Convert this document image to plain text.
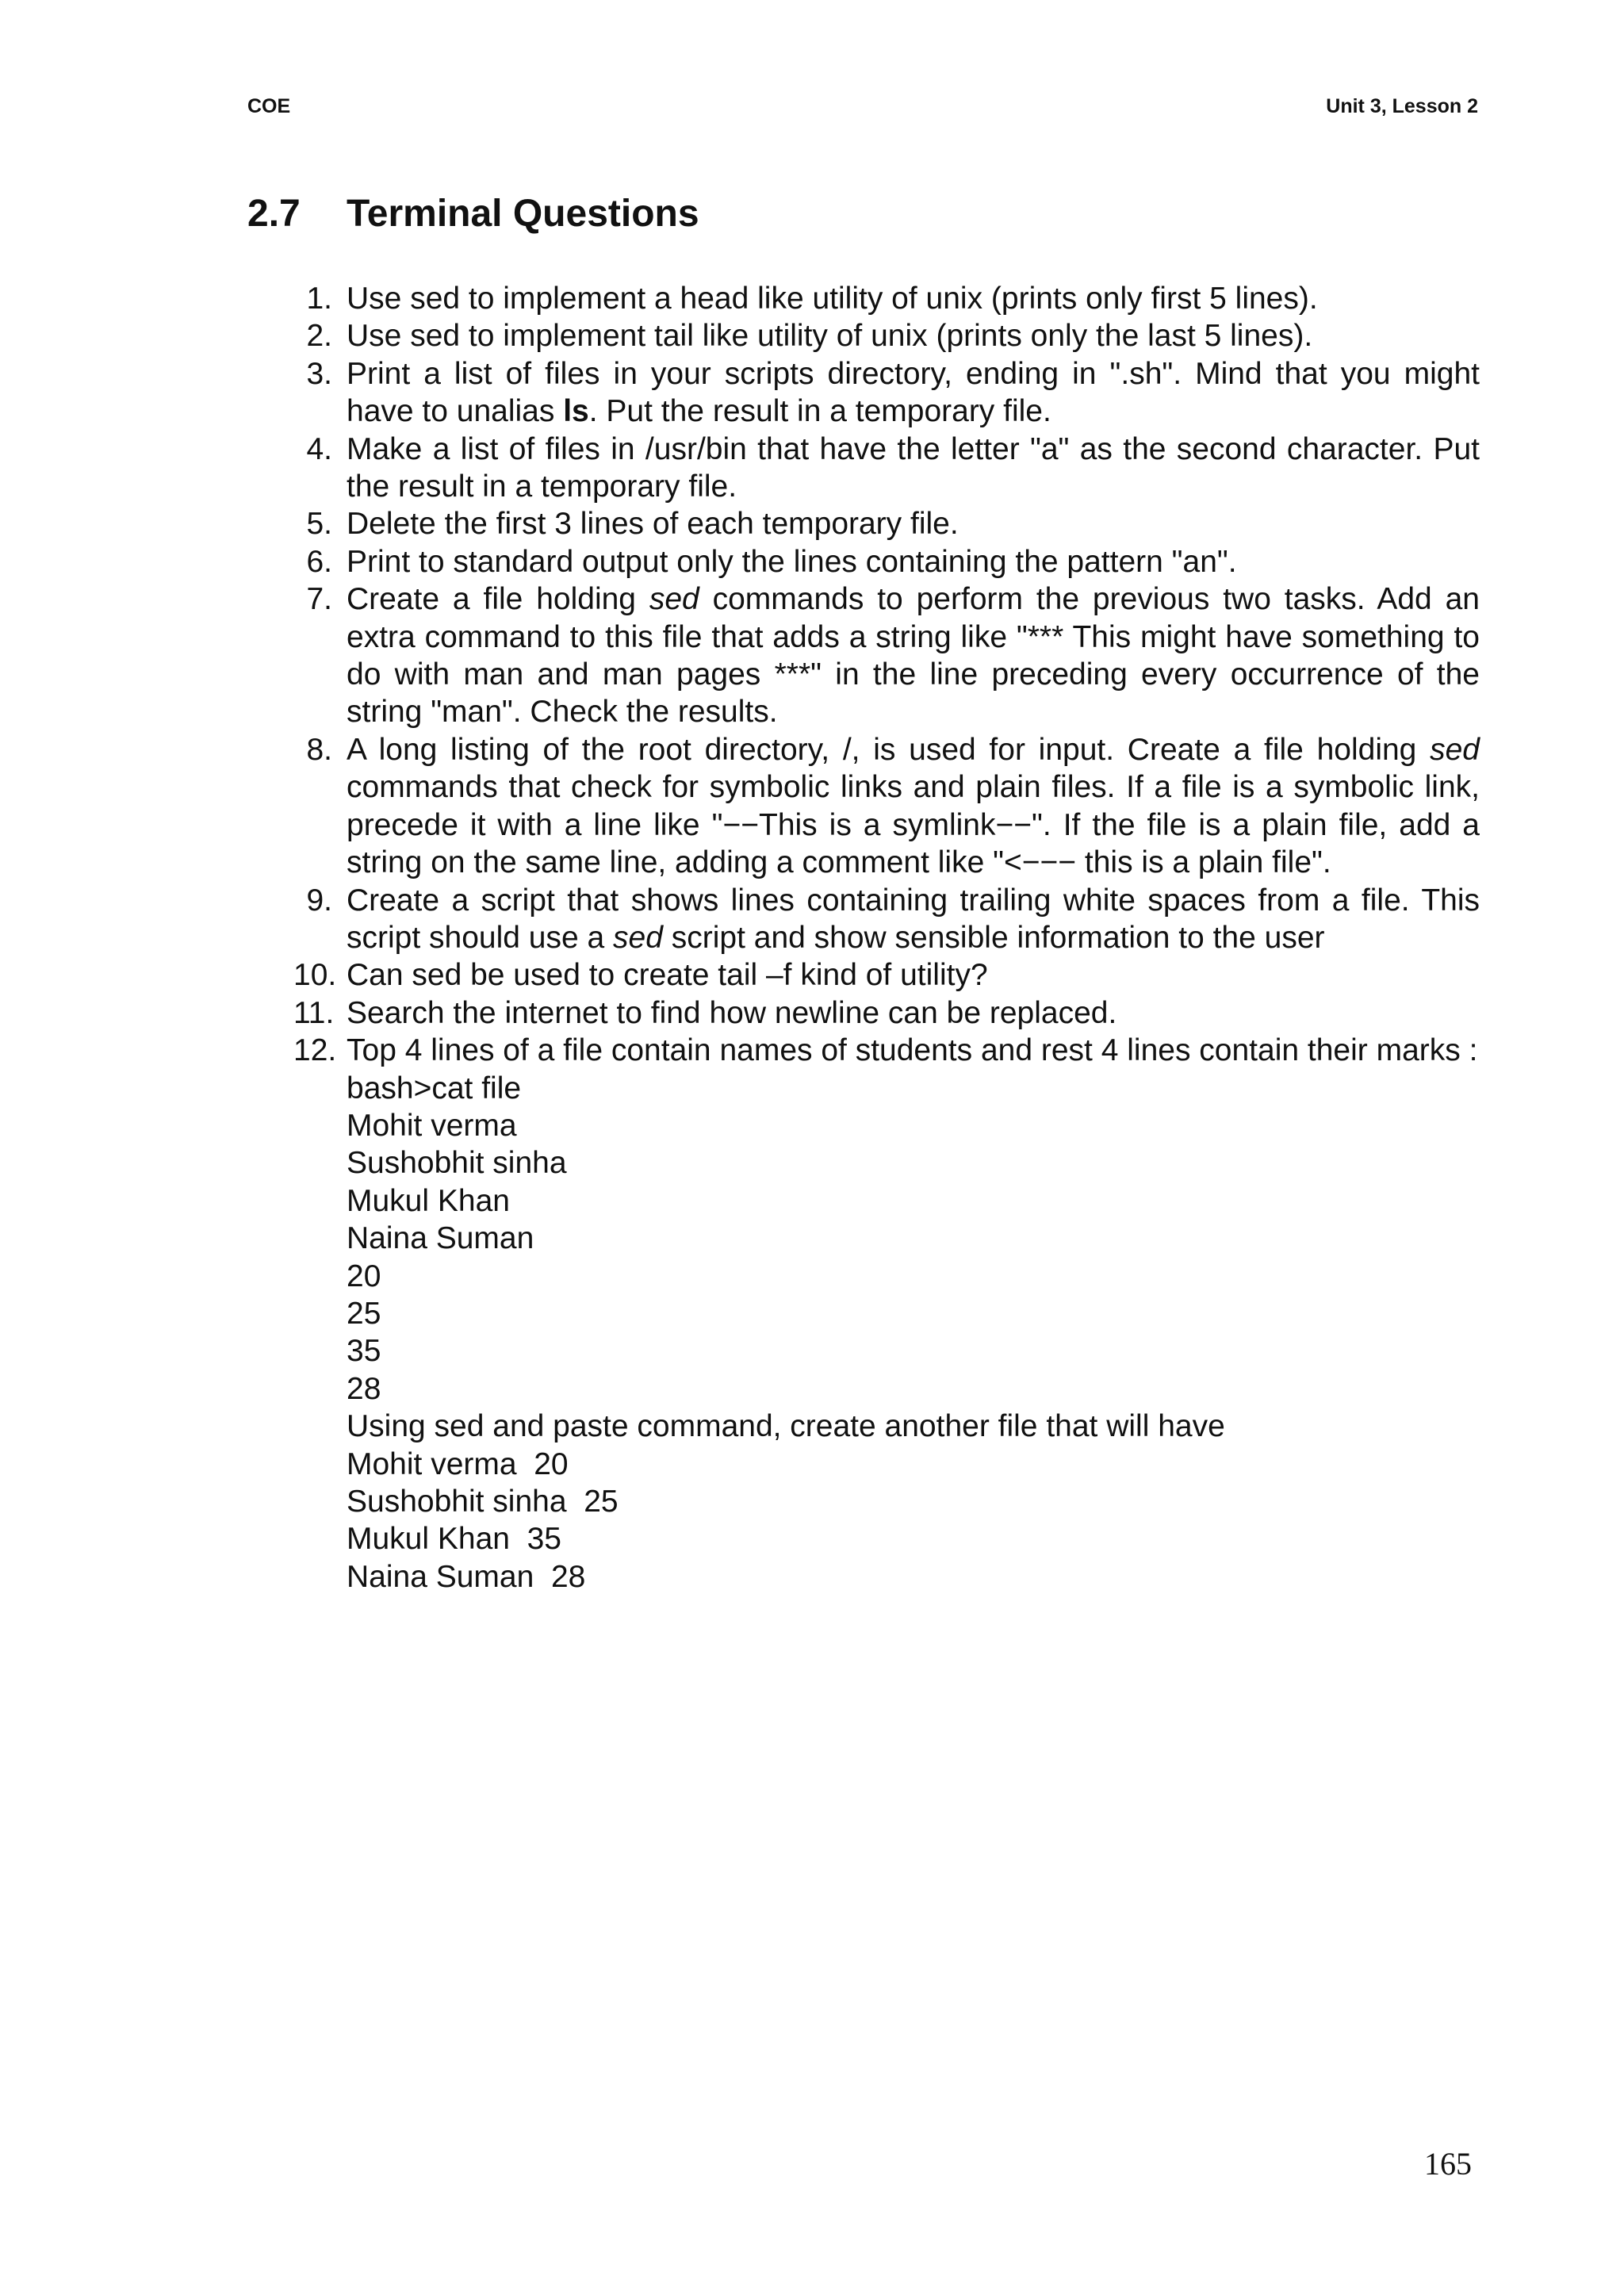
COE	Unit 3, Lesson 2
2.7 Terminal Questions
1. Use sed to implement a head like utility of unix (prints only first 5 lines).
2. Use sed to implement tail like utility of unix (prints only the last 5 lines).
3. Print a list of files in your scripts directory, ending in ".sh". Mind that you might have to unalias ls. Put the result in a temporary file.
4. Make a list of files in /usr/bin that have the letter "a" as the second character. Put the result in a temporary file.
5. Delete the first 3 lines of each temporary file.
6. Print to standard output only the lines containing the pattern "an".
7. Create a file holding sed commands to perform the previous two tasks. Add an extra command to this file that adds a string like "*** This might have something to do with man and man pages ***" in the line preceding every occurrence of the string "man". Check the results.
8. A long listing of the root directory, /, is used for input. Create a file holding sed commands that check for symbolic links and plain files. If a file is a symbolic link, precede it with a line like "−−This is a symlink−−". If the file is a plain file, add a string on the same line, adding a comment like "<−−− this is a plain file".
9. Create a script that shows lines containing trailing white spaces from a file. This script should use a sed script and show sensible information to the user
10. Can sed be used to create tail –f kind of utility?
11. Search the internet to find how newline can be replaced.
12. Top 4 lines of a file contain names of students and rest 4 lines contain their marks :
bash>cat file
Mohit verma
Sushobhit sinha
Mukul Khan
Naina Suman
20
25
35
28
Using sed and paste command, create another file that will have
Mohit verma  20
Sushobhit sinha  25
Mukul Khan  35
Naina Suman  28
165
